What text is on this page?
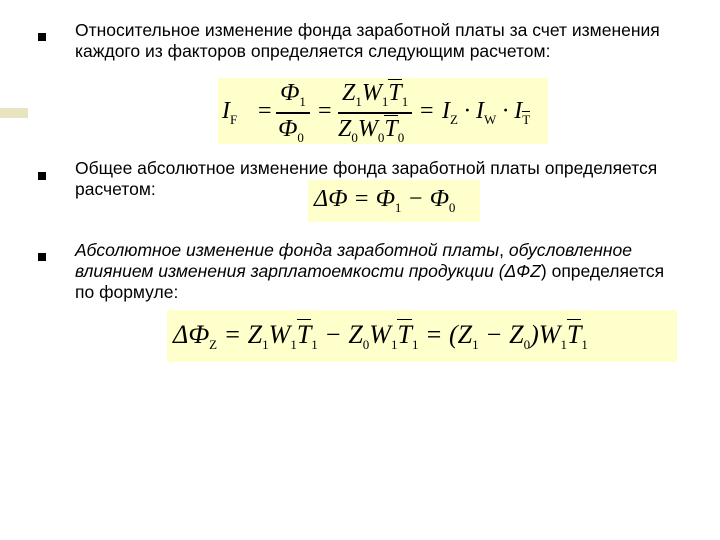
Относительное изменение фонда заработной платы за счет изменения каждого из факторов определяется следующим расчетом:

$I_F$ =
$Ф_1$
$Ф_0$
=
$Z_1W_1T_1$
$Z_0W_0T_0$
= $I_Z \cdot I_W \cdot I_T$

Общее абсолютное изменение фонда заработной платы определяется расчетом:	$\Delta Ф = Ф_1 - Ф_0$

Абсолютное изменение фонда заработной платы, обусловленное влиянием изменения зарплатоемкости продукции (ΔФZ) определяется по формуле:

$\Delta Ф_Z = Z_1W_1T_1 - Z_0W_1T_1 = (Z_1 - Z_0)W_1T_1$
